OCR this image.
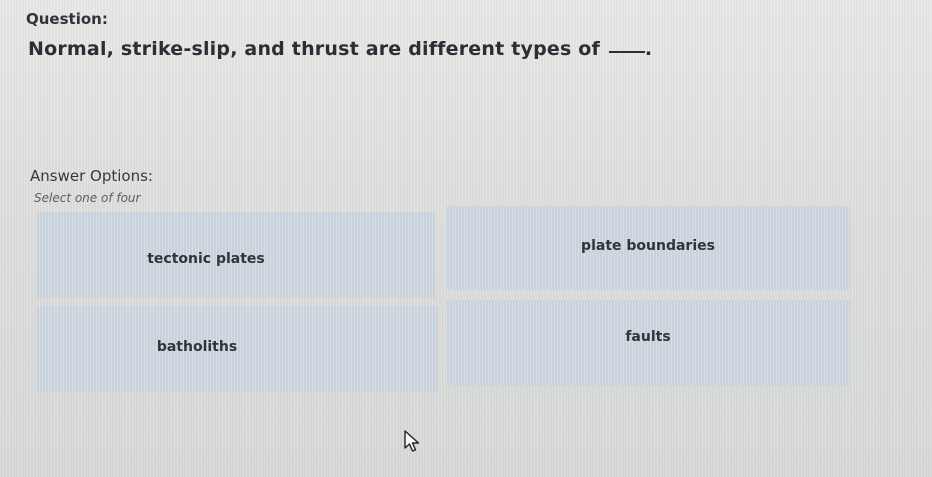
Question:
Normal, strike-slip, and thrust are different types of .
Answer Options:
Select one of four
tectonic plates
plate boundaries
batholiths
faults
